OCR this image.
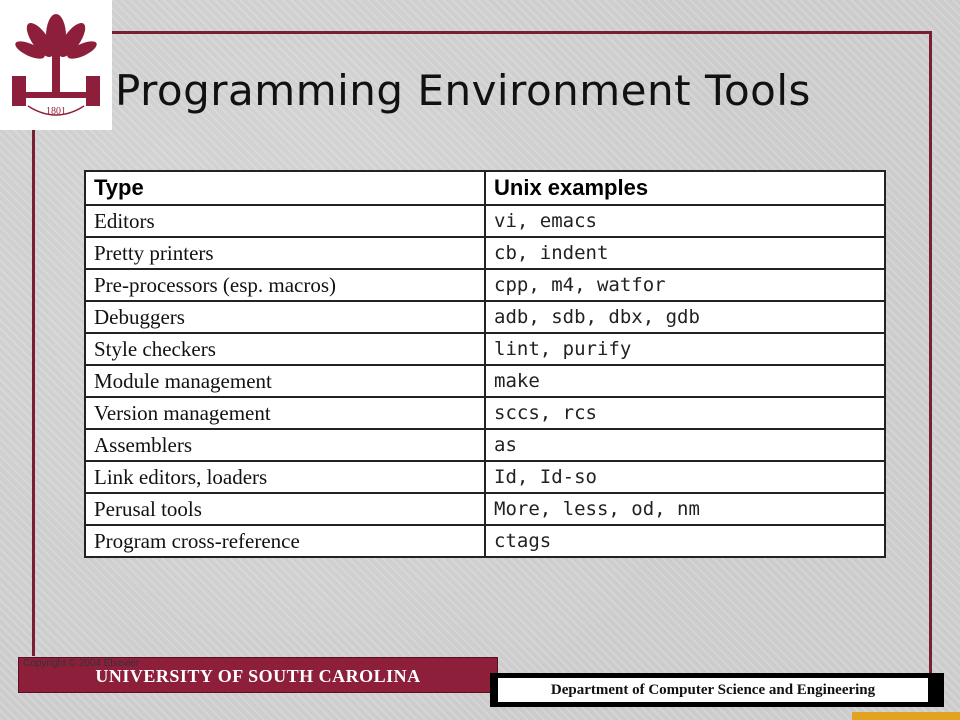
1801 Programming Environment Tools
Type	Unix examples
Editors	vi, emacs
Pretty printers	cb, indent
Pre-processors (esp. macros)	cpp, m4, watfor
Debuggers	adb, sdb, dbx, gdb
Style checkers	lint, purify
Module management	make
Version management	sccs, rcs
Assemblers	as
Link editors, loaders	Id, Id-so
Perusal tools	More, less, od, nm
Program cross-reference	ctags
Copyright © 2004 Elsevier
UNIVERSITY OF SOUTH CAROLINA
Department of Computer Science and Engineering
